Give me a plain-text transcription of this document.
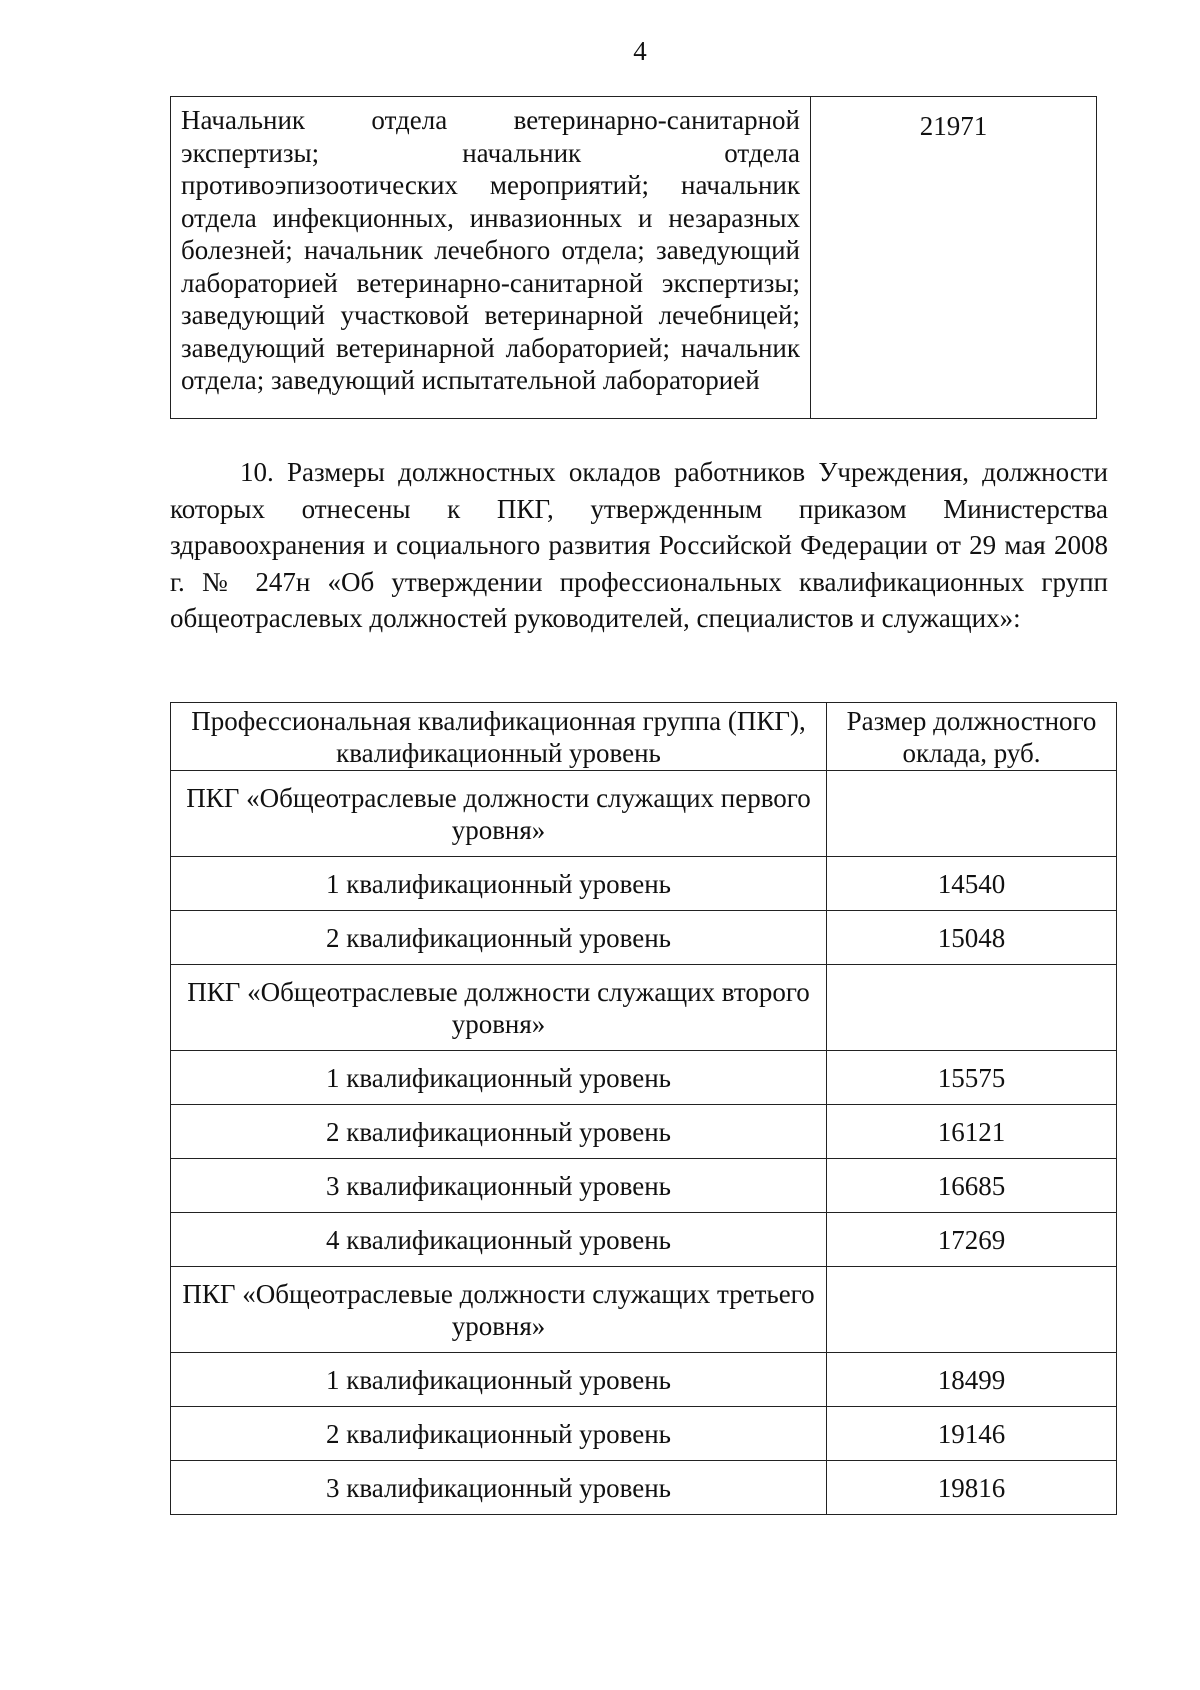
4
Начальник отдела ветеринарно-санитарной экспертизы; начальник отдела противоэпизоотических мероприятий; начальник отдела инфекционных, инвазионных и незаразных болезней; начальник лечебного отдела; заведующий лабораторией ветеринарно-санитарной экспертизы; заведующий участковой ветеринарной лечебницей; заведующий ветеринарной лабораторией; начальник отдела; заведующий испытательной лабораторией	21971

10. Размеры должностных окладов работников Учреждения, должности которых отнесены к ПКГ, утвержденным приказом Министерства здравоохранения и социального развития Российской Федерации от 29 мая 2008 г. № 247н «Об утверждении профессиональных квалификационных групп общеотраслевых должностей руководителей, специалистов и служащих»:

Профессиональная квалификационная группа (ПКГ), квалификационный уровень	Размер должностного оклада, руб.
ПКГ «Общеотраслевые должности служащих первого уровня»	
1 квалификационный уровень	14540
2 квалификационный уровень	15048
ПКГ «Общеотраслевые должности служащих второго уровня»	
1 квалификационный уровень	15575
2 квалификационный уровень	16121
3 квалификационный уровень	16685
4 квалификационный уровень	17269
ПКГ «Общеотраслевые должности служащих третьего уровня»	
1 квалификационный уровень	18499
2 квалификационный уровень	19146
3 квалификационный уровень	19816
